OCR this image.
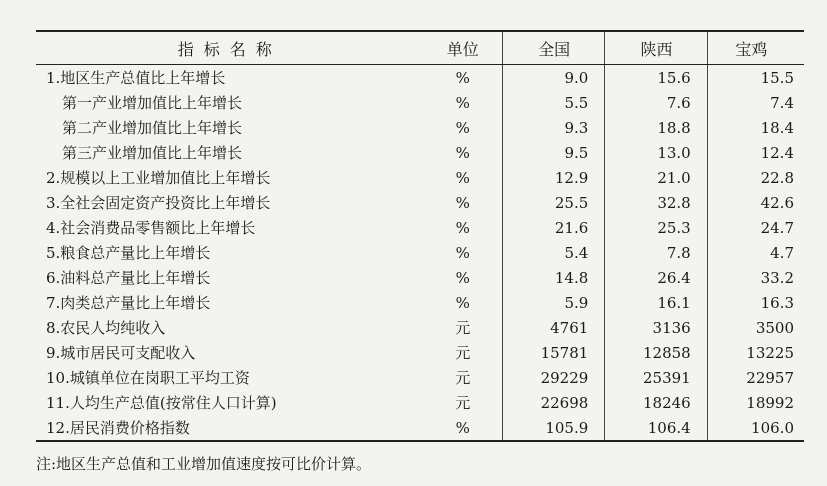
指标名称	单位	全国	陕西	宝鸡
1.地区生产总值比上年增长	%	9.0	15.6	15.5
第一产业增加值比上年增长	%	5.5	7.6	7.4
第二产业增加值比上年增长	%	9.3	18.8	18.4
第三产业增加值比上年增长	%	9.5	13.0	12.4
2.规模以上工业增加值比上年增长	%	12.9	21.0	22.8
3.全社会固定资产投资比上年增长	%	25.5	32.8	42.6
4.社会消费品零售额比上年增长	%	21.6	25.3	24.7
5.粮食总产量比上年增长	%	5.4	7.8	4.7
6.油料总产量比上年增长	%	14.8	26.4	33.2
7.肉类总产量比上年增长	%	5.9	16.1	16.3
8.农民人均纯收入	元	4761	3136	3500
9.城市居民可支配收入	元	15781	12858	13225
10.城镇单位在岗职工平均工资	元	29229	25391	22957
11.人均生产总值(按常住人口计算)	元	22698	18246	18992
12.居民消费价格指数	%	105.9	106.4	106.0
注:地区生产总值和工业增加值速度按可比价计算。
